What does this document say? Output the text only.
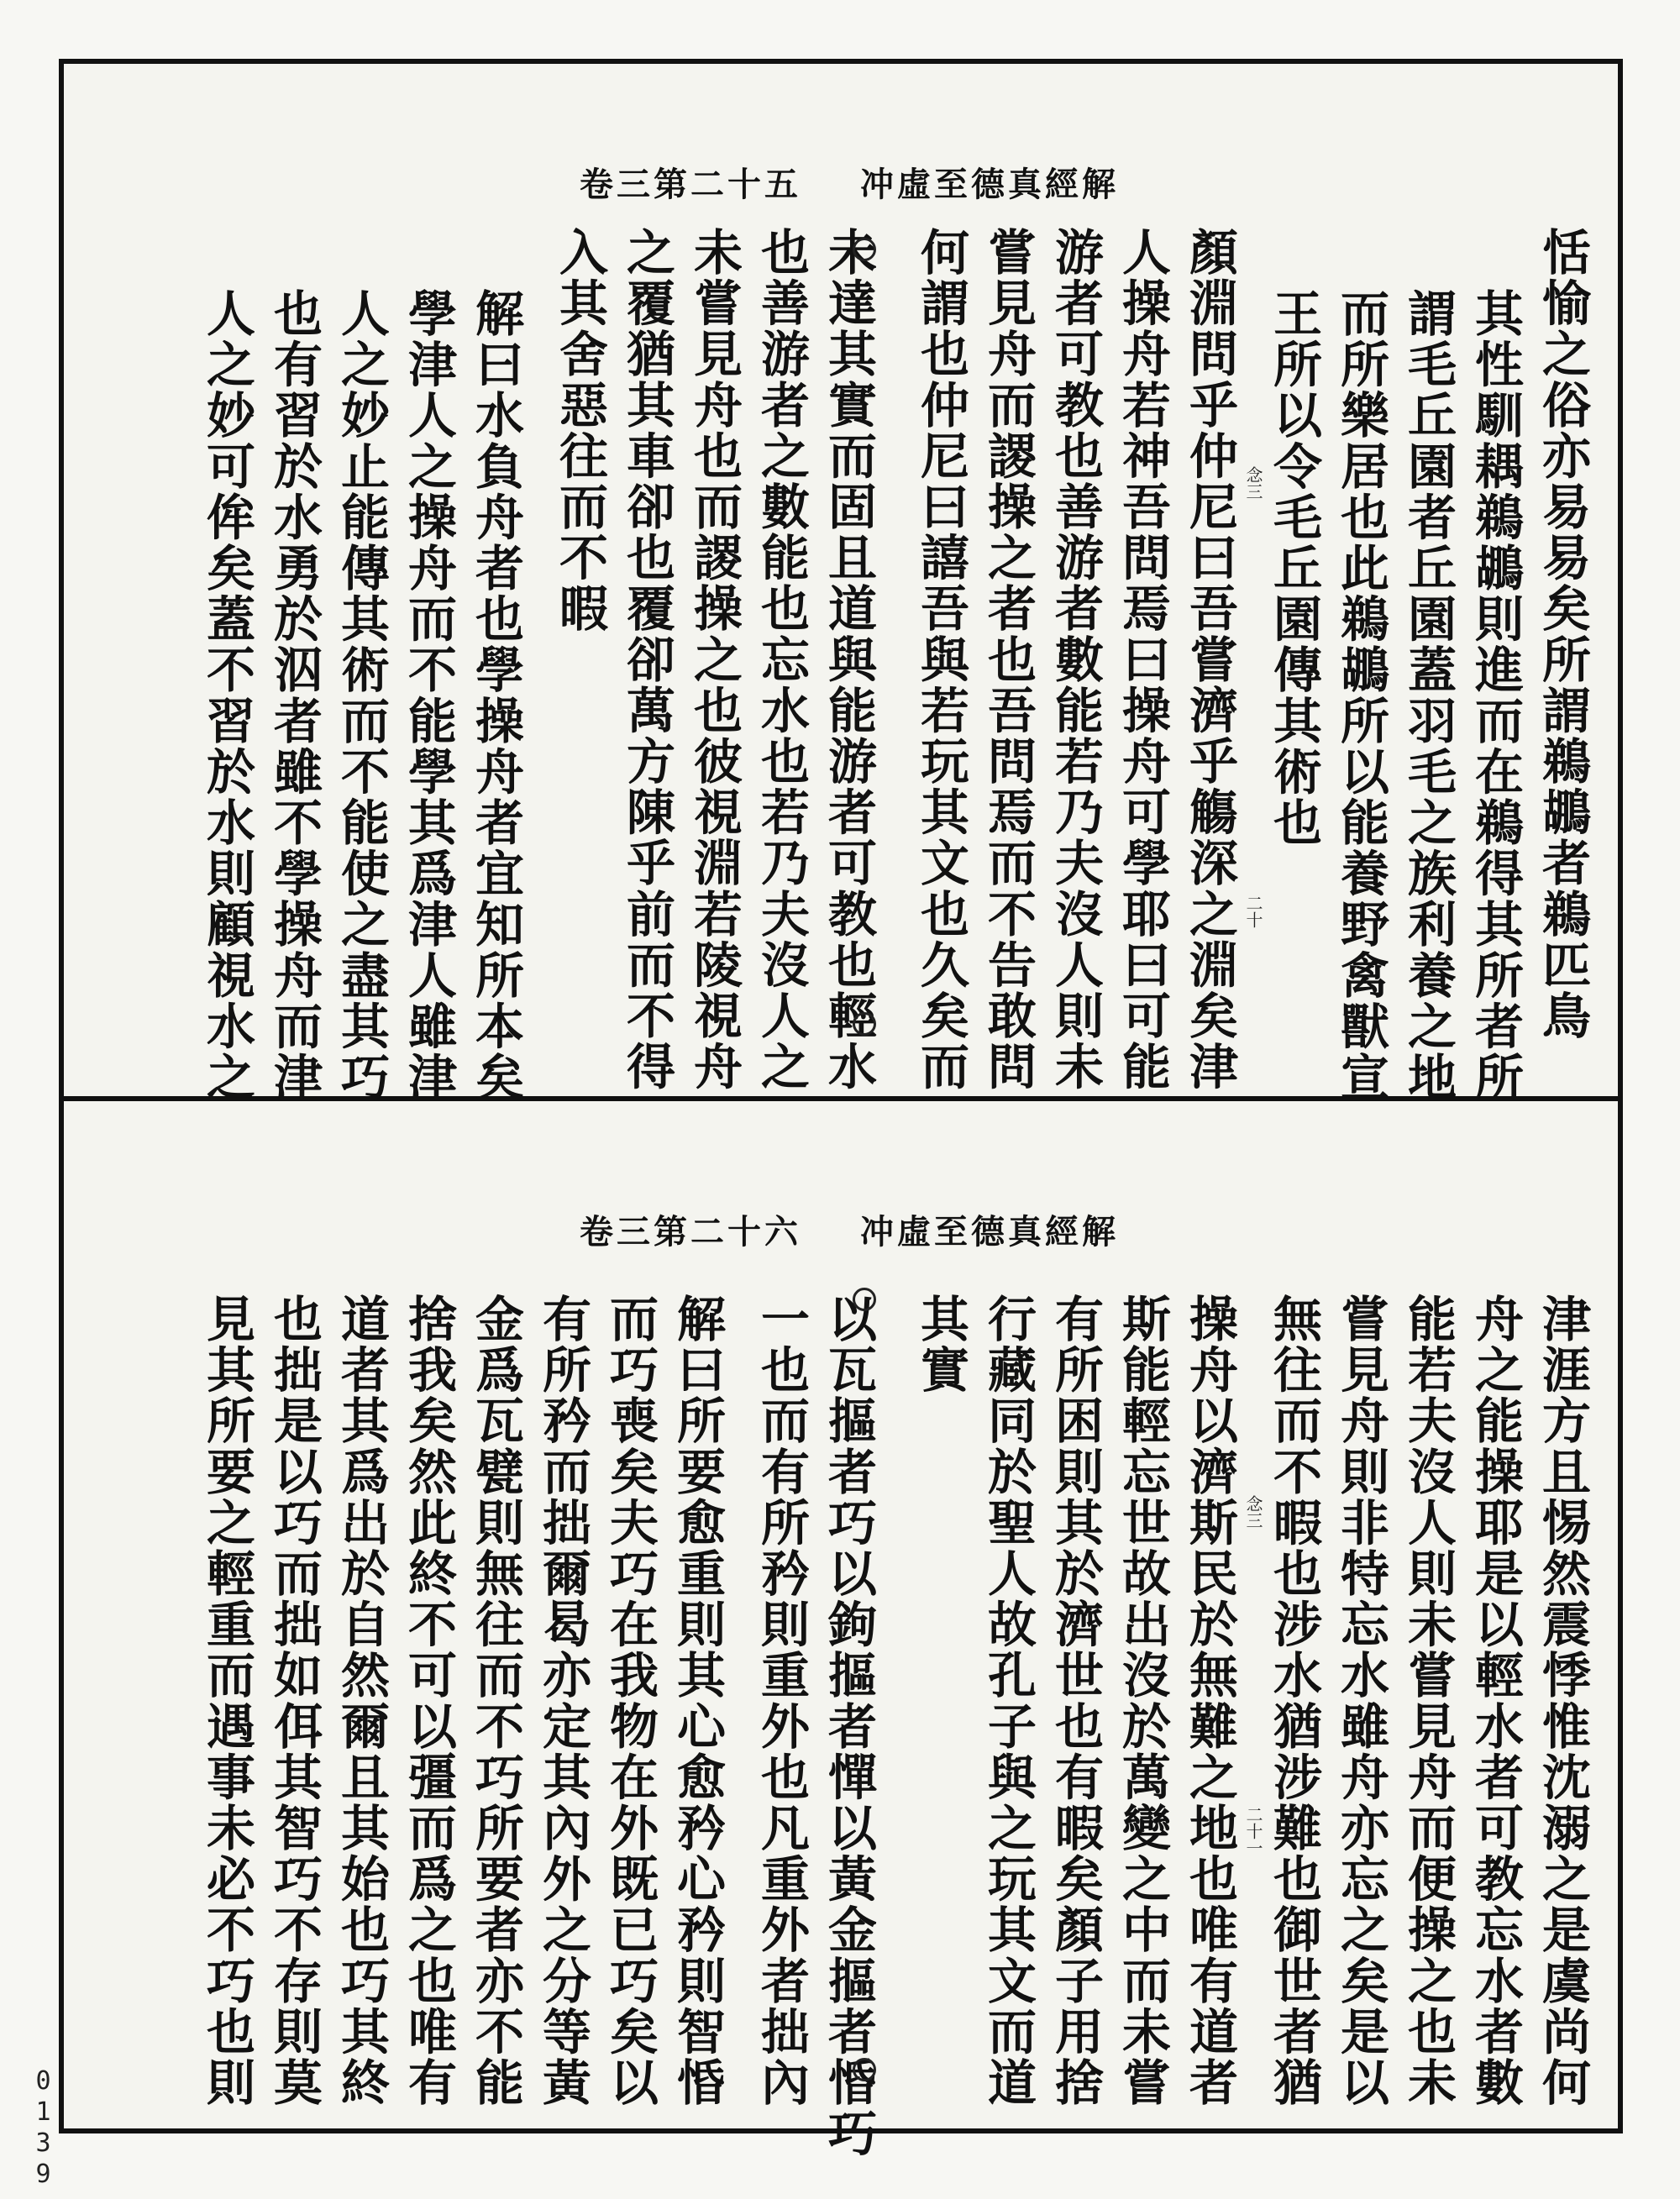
0139
卷三第二十五 冲虛至德真經解
恬愉之俗亦易易矣所謂鵜鶘者鵜匹鳥
其性馴耦鵜鶘則進而在鵜得其所者所
謂毛丘園者丘園蓋羽毛之族利養之地
而所樂居也此鵜鶘所以能養野禽獸宣
王所以令毛丘園傳其術也
顏淵問乎仲尼曰吾嘗濟乎觴深之淵矣津
人操舟若神吾問焉曰操舟可學耶曰可能
游者可教也善游者數能若乃夫沒人則未
嘗見舟而謖操之者也吾問焉而不告敢問
何謂也仲尼曰譆吾與若玩其文也久矣而
未達其實而固且道與能游者可教也輕水
也善游者之數能也忘水也若乃夫沒人之
未嘗見舟也而謖操之也彼視淵若陵視舟
之覆猶其車卻也覆卻萬方陳乎前而不得
入其舍惡往而不暇
解曰水負舟者也學操舟者宜知所本矣
學津人之操舟而不能學其爲津人雖津
人之妙止能傳其術而不能使之盡其巧
也有習於水勇於泅者雖不學操舟而津
人之妙可侔矣蓋不習於水則顧視水之	念三
二十
卷三第二十六 冲虛至德真經解
津涯方且惕然震悸惟沈溺之是虞尚何
舟之能操耶是以輕水者可教忘水者數
能若夫沒人則未嘗見舟而便操之也未
嘗見舟則非特忘水雖舟亦忘之矣是以
無往而不暇也涉水猶涉難也御世者猶
操舟以濟斯民於無難之地也唯有道者
斯能輕忘世故出沒於萬變之中而未嘗
有所困則其於濟世也有暇矣顏子用捨
行藏同於聖人故孔子與之玩其文而道
其實
以瓦摳者巧以鉤摳者憚以黃金摳者惛巧
一也而有所矜則重外也凡重外者拙內
解曰所要愈重則其心愈矜心矜則智惛
而巧喪矣夫巧在我物在外既已巧矣以
有所矜而拙爾曷亦定其內外之分等黃
金爲瓦甓則無往而不巧所要者亦不能
捨我矣然此終不可以彊而爲之也唯有
道者其爲出於自然爾且其始也巧其終
也拙是以巧而拙如佴其智巧不存則莫
見其所要之輕重而遇事未必不巧也則	念三
二十一
